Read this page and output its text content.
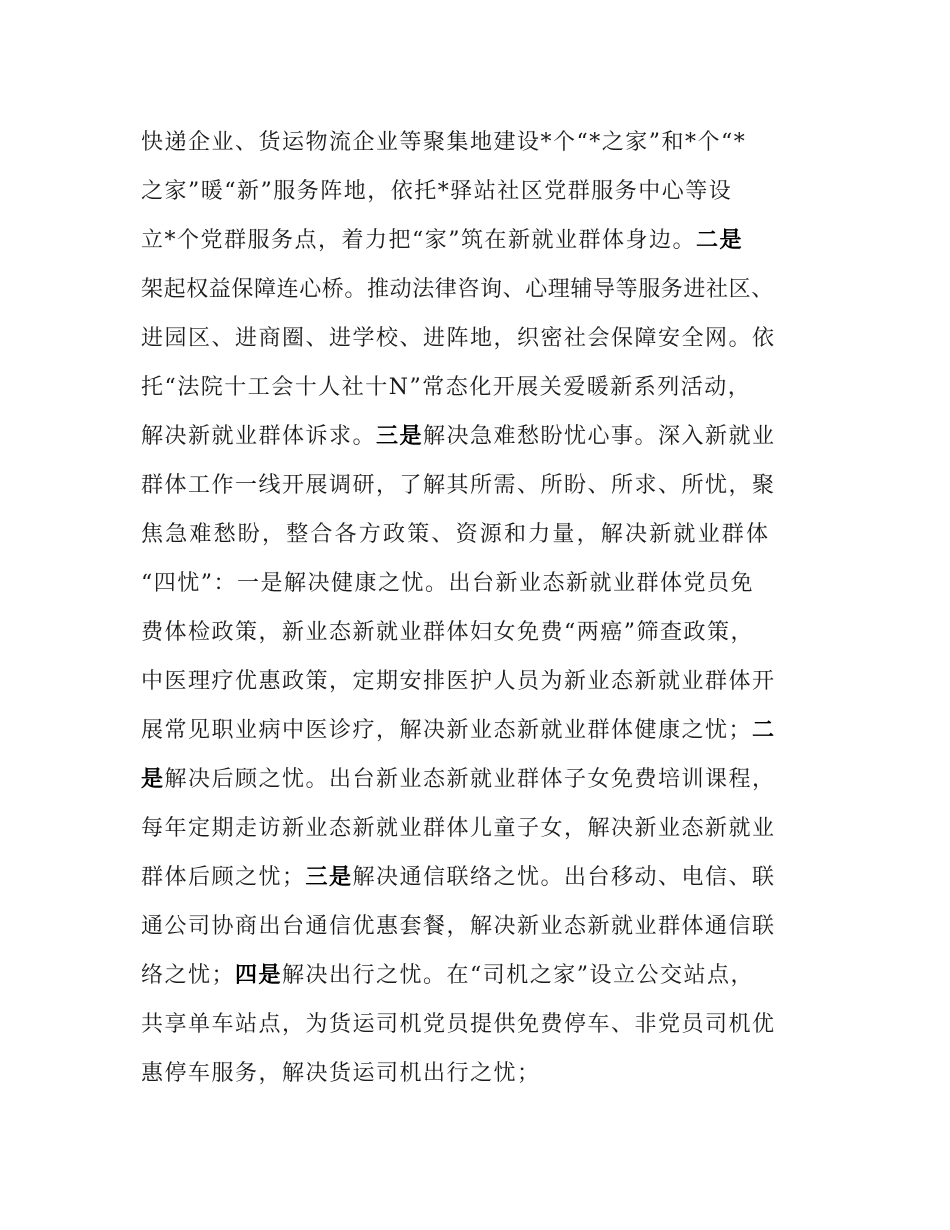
快递企业、货运物流企业等聚集地建设*个“*之家”和*个“*
之家”暖“新”服务阵地，依托*驿站社区党群服务中心等设
立*个党群服务点，着力把“家”筑在新就业群体身边。二是
架起权益保障连心桥。推动法律咨询、心理辅导等服务进社区、
进园区、进商圈、进学校、进阵地，织密社会保障安全网。依
托“法院十工会十人社十N”常态化开展关爱暖新系列活动，
解决新就业群体诉求。三是解决急难愁盼忧心事。深入新就业
群体工作一线开展调研，了解其所需、所盼、所求、所忧，聚
焦急难愁盼，整合各方政策、资源和力量，解决新就业群体
“四忧”：一是解决健康之忧。出台新业态新就业群体党员免
费体检政策，新业态新就业群体妇女免费“两癌”筛查政策，
中医理疗优惠政策，定期安排医护人员为新业态新就业群体开
展常见职业病中医诊疗，解决新业态新就业群体健康之忧；二
是解决后顾之忧。出台新业态新就业群体子女免费培训课程，
每年定期走访新业态新就业群体儿童子女，解决新业态新就业
群体后顾之忧；三是解决通信联络之忧。出台移动、电信、联
通公司协商出台通信优惠套餐，解决新业态新就业群体通信联
络之忧；四是解决出行之忧。在“司机之家”设立公交站点，
共享单车站点，为货运司机党员提供免费停车、非党员司机优
惠停车服务，解决货运司机出行之忧；
